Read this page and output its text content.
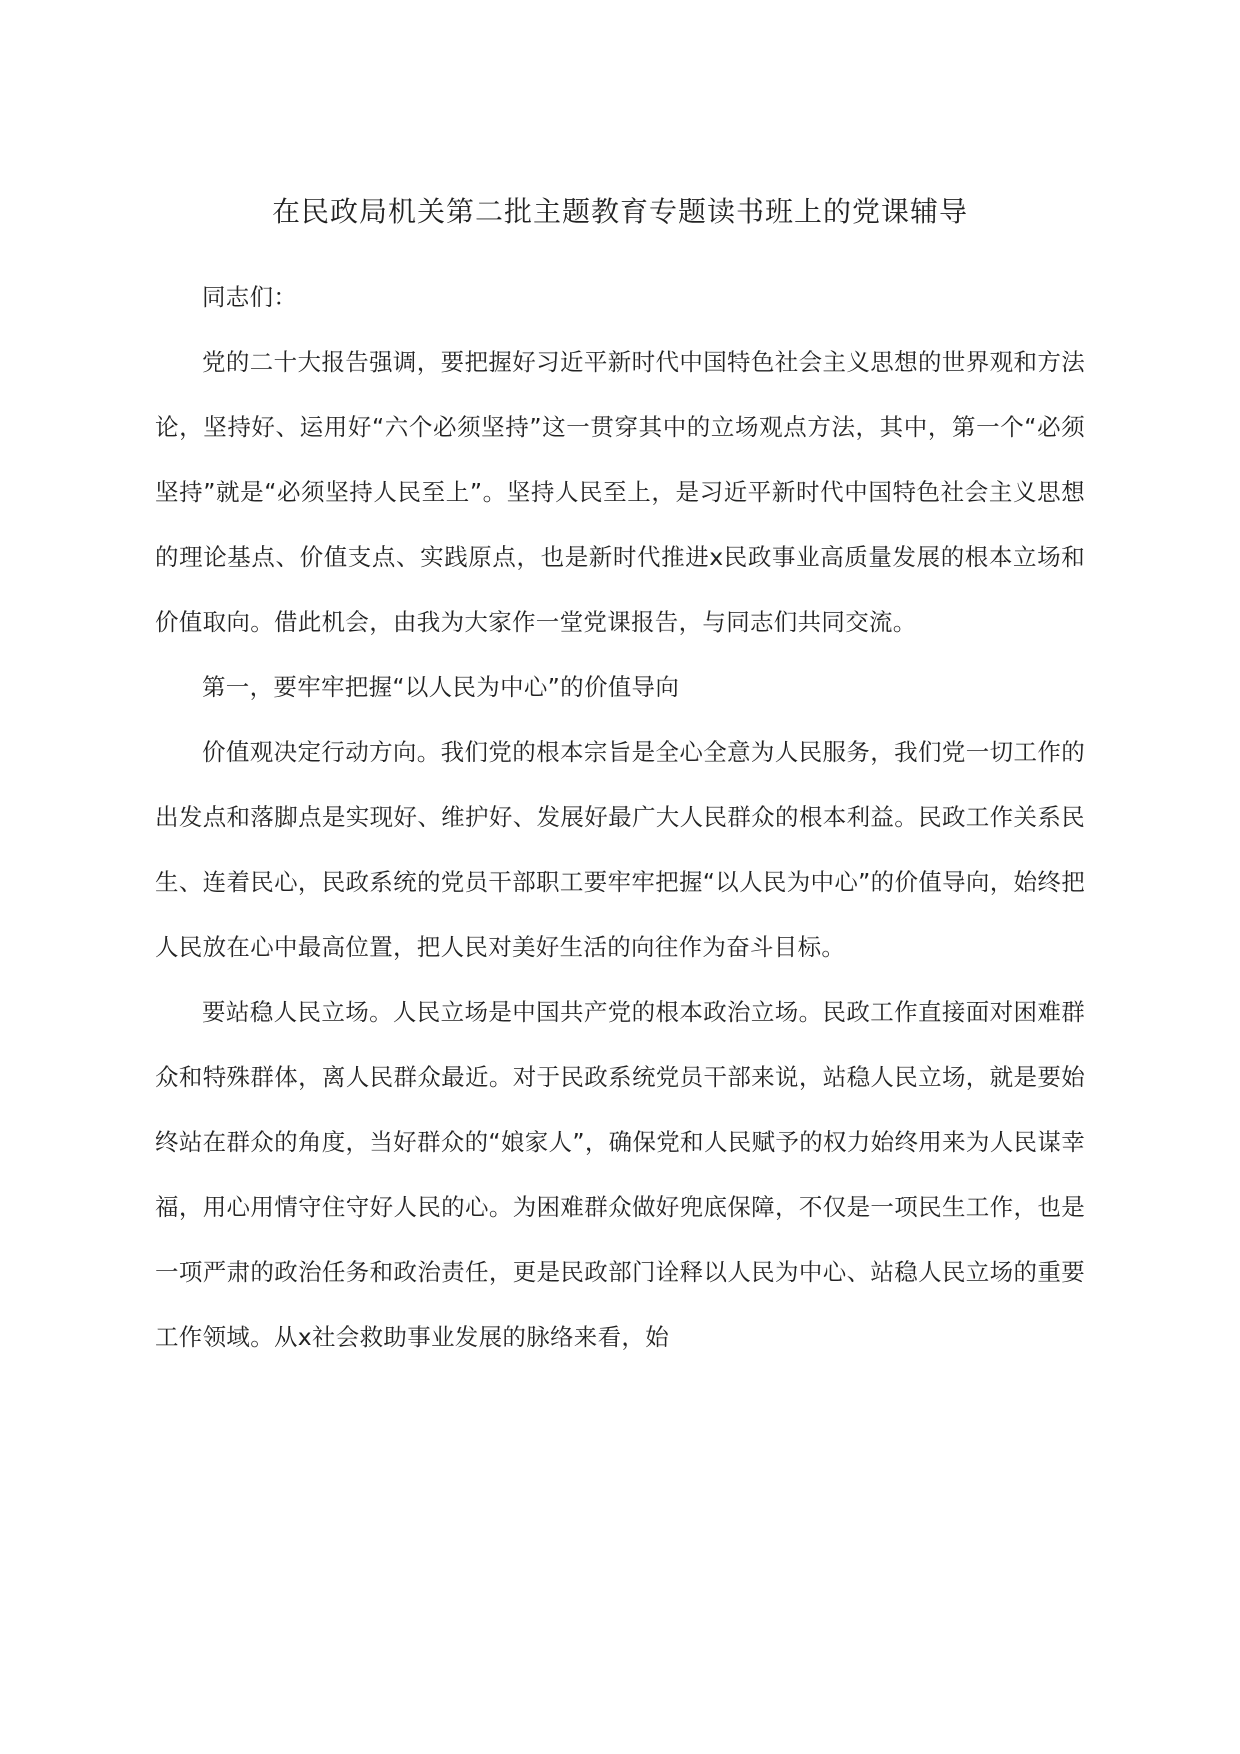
在民政局机关第二批主题教育专题读书班上的党课辅导

同志们：

党的二十大报告强调，要把握好习近平新时代中国特色社会主义思想的世界观和方法论，坚持好、运用好“六个必须坚持”这一贯穿其中的立场观点方法，其中，第一个“必须坚持”就是“必须坚持人民至上”。坚持人民至上，是习近平新时代中国特色社会主义思想的理论基点、价值支点、实践原点，也是新时代推进x民政事业高质量发展的根本立场和价值取向。借此机会，由我为大家作一堂党课报告，与同志们共同交流。

第一，要牢牢把握“以人民为中心”的价值导向

价值观决定行动方向。我们党的根本宗旨是全心全意为人民服务，我们党一切工作的出发点和落脚点是实现好、维护好、发展好最广大人民群众的根本利益。民政工作关系民生、连着民心，民政系统的党员干部职工要牢牢把握“以人民为中心”的价值导向，始终把人民放在心中最高位置，把人民对美好生活的向往作为奋斗目标。

要站稳人民立场。人民立场是中国共产党的根本政治立场。民政工作直接面对困难群众和特殊群体，离人民群众最近。对于民政系统党员干部来说，站稳人民立场，就是要始终站在群众的角度，当好群众的“娘家人”，确保党和人民赋予的权力始终用来为人民谋幸福，用心用情守住守好人民的心。为困难群众做好兜底保障，不仅是一项民生工作，也是一项严肃的政治任务和政治责任，更是民政部门诠释以人民为中心、站稳人民立场的重要工作领域。从x社会救助事业发展的脉络来看，始
